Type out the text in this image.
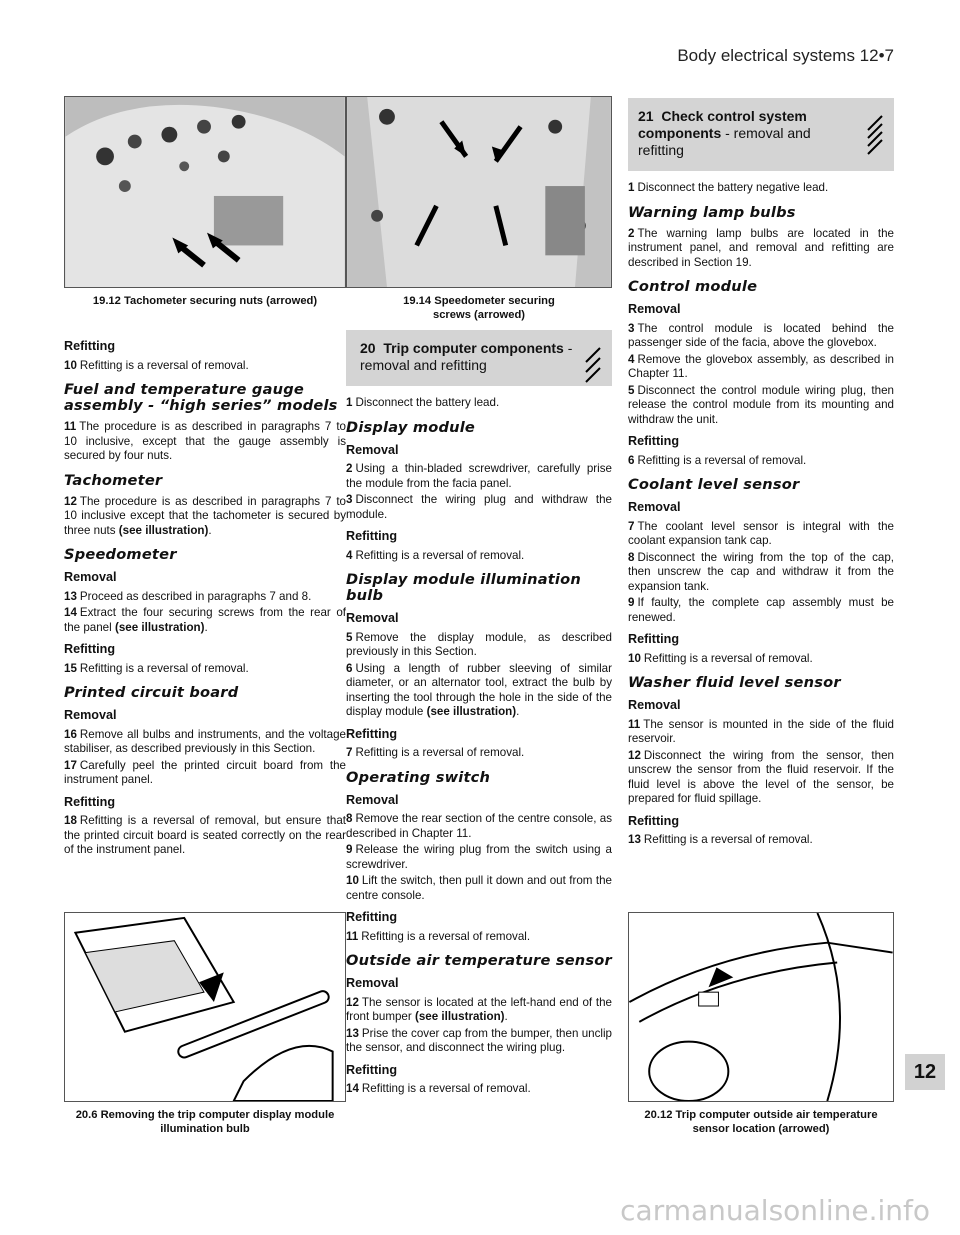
Body electrical systems 12•7
19.12 Tachometer securing nuts (arrowed)	19.14 Speedometer securing screws (arrowed)
20.6 Removing the trip computer display module illumination bulb
20.12 Trip computer outside air temperature sensor location (arrowed)
Refitting

10 Refitting is a reversal of removal.

Fuel and temperature gauge assembly - “high series” models

11 The procedure is as described in paragraphs 7 to 10 inclusive, except that the gauge assembly is secured by four nuts.

Tachometer

12 The procedure is as described in paragraphs 7 to 10 inclusive except that the tachometer is secured by three nuts (see illustration).

Speedometer
Removal

13 Proceed as described in paragraphs 7 and 8.

14 Extract the four securing screws from the rear of the panel (see illustration).

Refitting

15 Refitting is a reversal of removal.

Printed circuit board
Removal

16 Remove all bulbs and instruments, and the voltage stabiliser, as described previously in this Section.

17 Carefully peel the printed circuit board from the instrument panel.

Refitting

18 Refitting is a reversal of removal, but ensure that the printed circuit board is seated correctly on the rear of the instrument panel.

20 Trip computer components - removal and refitting

1 Disconnect the battery lead.

Display module
Removal

2 Using a thin-bladed screwdriver, carefully prise the module from the facia panel.

3 Disconnect the wiring plug and withdraw the module.

Refitting

4 Refitting is a reversal of removal.

Display module illumination bulb
Removal

5 Remove the display module, as described previously in this Section.

6 Using a length of rubber sleeving of similar diameter, or an alternator tool, extract the bulb by inserting the tool through the hole in the side of the display module (see illustration).

Refitting

7 Refitting is a reversal of removal.

Operating switch
Removal

8 Remove the rear section of the centre console, as described in Chapter 11.

9 Release the wiring plug from the switch using a screwdriver.

10 Lift the switch, then pull it down and out from the centre console.

Refitting

11 Refitting is a reversal of removal.

Outside air temperature sensor
Removal

12 The sensor is located at the left-hand end of the front bumper (see illustration).

13 Prise the cover cap from the bumper, then unclip the sensor, and disconnect the wiring plug.

Refitting

14 Refitting is a reversal of removal.

21 Check control system components - removal and refitting

1 Disconnect the battery negative lead.

Warning lamp bulbs

2 The warning lamp bulbs are located in the instrument panel, and removal and refitting are described in Section 19.

Control module
Removal

3 The control module is located behind the passenger side of the facia, above the glovebox.

4 Remove the glovebox assembly, as described in Chapter 11.

5 Disconnect the control module wiring plug, then release the control module from its mounting and withdraw the unit.

Refitting

6 Refitting is a reversal of removal.

Coolant level sensor
Removal

7 The coolant level sensor is integral with the coolant expansion tank cap.

8 Disconnect the wiring from the top of the cap, then unscrew the cap and withdraw it from the expansion tank.

9 If faulty, the complete cap assembly must be renewed.

Refitting

10 Refitting is a reversal of removal.

Washer fluid level sensor
Removal

11 The sensor is mounted in the side of the fluid reservoir.

12 Disconnect the wiring from the sensor, then unscrew the sensor from the fluid reservoir. If the fluid level is above the level of the sensor, be prepared for fluid spillage.

Refitting

13 Refitting is a reversal of removal.

12
carmanualsonline.info
